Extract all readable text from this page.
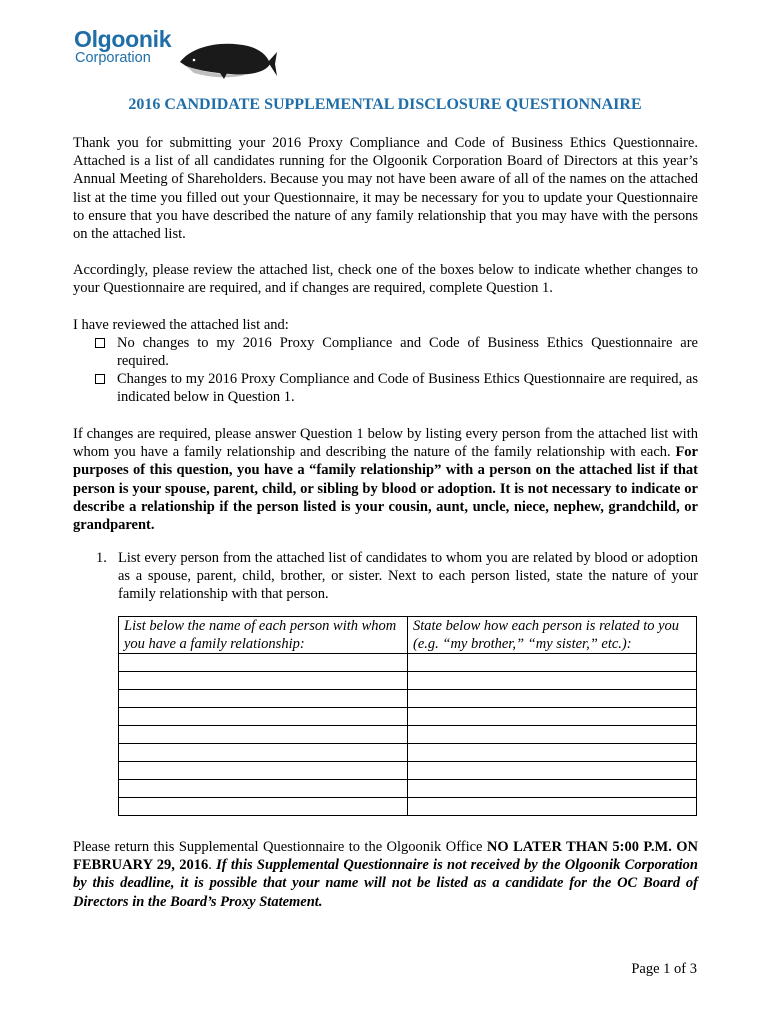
Olgoonik
Corporation
2016 CANDIDATE SUPPLEMENTAL DISCLOSURE QUESTIONNAIRE

Thank you for submitting your 2016 Proxy Compliance and Code of Business Ethics Questionnaire. Attached is a list of all candidates running for the Olgoonik Corporation Board of Directors at this year’s Annual Meeting of Shareholders. Because you may not have been aware of all of the names on the attached list at the time you filled out your Questionnaire, it may be necessary for you to update your Questionnaire to ensure that you have described the nature of any family relationship that you may have with the persons on the attached list.

Accordingly, please review the attached list, check one of the boxes below to indicate whether changes to your Questionnaire are required, and if changes are required, complete Question 1.

I have reviewed the attached list and:

No changes to my 2016 Proxy Compliance and Code of Business Ethics Questionnaire are required.
Changes to my 2016 Proxy Compliance and Code of Business Ethics Questionnaire are required, as indicated below in Question 1.

If changes are required, please answer Question 1 below by listing every person from the attached list with whom you have a family relationship and describing the nature of the family relationship with each. For purposes of this question, you have a “family relationship” with a person on the attached list if that person is your spouse, parent, child, or sibling by blood or adoption. It is not necessary to indicate or describe a relationship if the person listed is your cousin, aunt, uncle, niece, nephew, grandchild, or grandparent.

1. List every person from the attached list of candidates to whom you are related by blood or adoption as a spouse, parent, child, brother, or sister. Next to each person listed, state the nature of your family relationship with that person.
List below the name of each person with whom you have a family relationship:	State below how each person is related to you (e.g. “my brother,” “my sister,” etc.):

Please return this Supplemental Questionnaire to the Olgoonik Office NO LATER THAN 5:00 P.M. ON FEBRUARY 29, 2016. If this Supplemental Questionnaire is not received by the Olgoonik Corporation by this deadline, it is possible that your name will not be listed as a candidate for the OC Board of Directors in the Board’s Proxy Statement.

Page 1 of 3
